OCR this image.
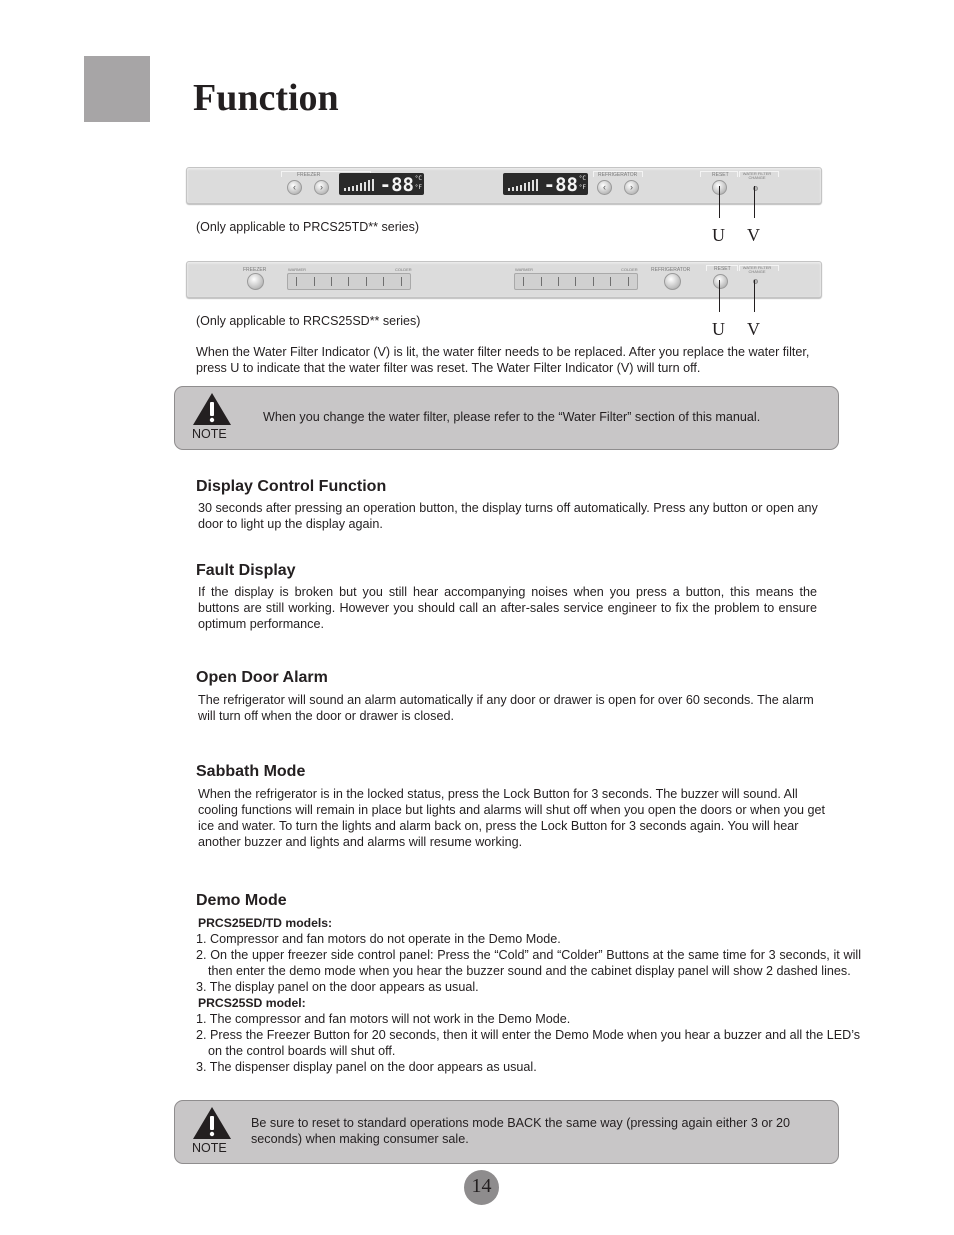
Function
FREEZER
‹	›	-88 °C
°F	-88 °C
°F
REFRIGERATOR
‹	›
RESET	WATER FILTER CHANGE
U V
(Only applicable to PRCS25TD** series)
FREEZER	WARMER	COLDER	WARMER	COLDER	REFRIGERATOR	RESET	WATER FILTER CHANGE
U V
(Only applicable to RRCS25SD** series)
When the Water Filter Indicator (V) is lit, the water filter needs to be replaced. After you replace the water filter, press U to indicate that the water filter was reset. The Water Filter Indicator (V) will turn off.
NOTE
When you change the water filter, please refer to the “Water Filter” section of this manual.
Display Control Function
30 seconds after pressing an operation button, the display turns off automatically. Press any button or open any door to light up the display again.
Fault Display
If the display is broken but you still hear accompanying noises when you press a button, this means the buttons are still working. However you should call an after-sales service engineer to fix the problem to ensure optimum performance.
Open Door Alarm
The refrigerator will sound an alarm automatically if any door or drawer is open for over 60 seconds. The alarm will turn off when the door or drawer is closed.
Sabbath Mode
When the refrigerator is in the locked status, press the Lock Button for 3 seconds. The buzzer will sound. All cooling functions will remain in place but lights and alarms will shut off when you open the doors or when you get ice and water. To turn the lights and alarm back on, press the Lock Button for 3 seconds again. You will hear another buzzer and lights and alarms will resume working.
Demo Mode
PRCS25ED/TD models:
1. Compressor and fan motors do not operate in the Demo Mode.
2. On the upper freezer side control panel: Press the “Cold” and “Colder” Buttons at the same time for 3 seconds, it will then enter the demo mode when you hear the buzzer sound and the cabinet display panel will show 2 dashed lines.
3. The display panel on the door appears as usual.
PRCS25SD model:
1. The compressor and fan motors will not work in the Demo Mode.
2. Press the Freezer Button for 20 seconds, then it will enter the Demo Mode when you hear a buzzer and all the LED’s on the control boards will shut off.
3. The dispenser display panel on the door appears as usual.
NOTE
Be sure to reset to standard operations mode BACK the same way (pressing again either 3 or 20 seconds) when making consumer sale.
14
